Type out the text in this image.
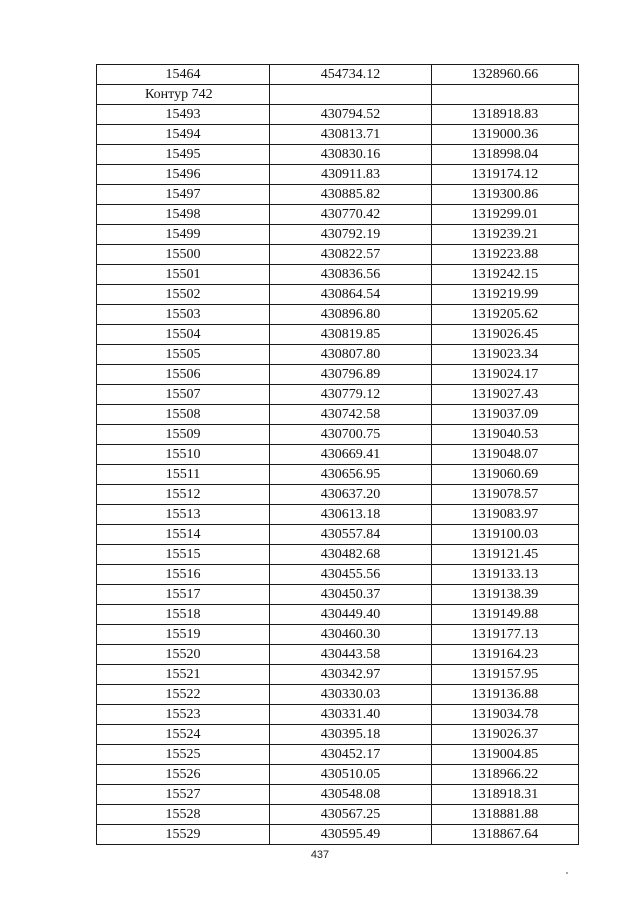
15464	454734.12	1328960.66
Контур 742		
15493	430794.52	1318918.83
15494	430813.71	1319000.36
15495	430830.16	1318998.04
15496	430911.83	1319174.12
15497	430885.82	1319300.86
15498	430770.42	1319299.01
15499	430792.19	1319239.21
15500	430822.57	1319223.88
15501	430836.56	1319242.15
15502	430864.54	1319219.99
15503	430896.80	1319205.62
15504	430819.85	1319026.45
15505	430807.80	1319023.34
15506	430796.89	1319024.17
15507	430779.12	1319027.43
15508	430742.58	1319037.09
15509	430700.75	1319040.53
15510	430669.41	1319048.07
15511	430656.95	1319060.69
15512	430637.20	1319078.57
15513	430613.18	1319083.97
15514	430557.84	1319100.03
15515	430482.68	1319121.45
15516	430455.56	1319133.13
15517	430450.37	1319138.39
15518	430449.40	1319149.88
15519	430460.30	1319177.13
15520	430443.58	1319164.23
15521	430342.97	1319157.95
15522	430330.03	1319136.88
15523	430331.40	1319034.78
15524	430395.18	1319026.37
15525	430452.17	1319004.85
15526	430510.05	1318966.22
15527	430548.08	1318918.31
15528	430567.25	1318881.88
15529	430595.49	1318867.64
437
